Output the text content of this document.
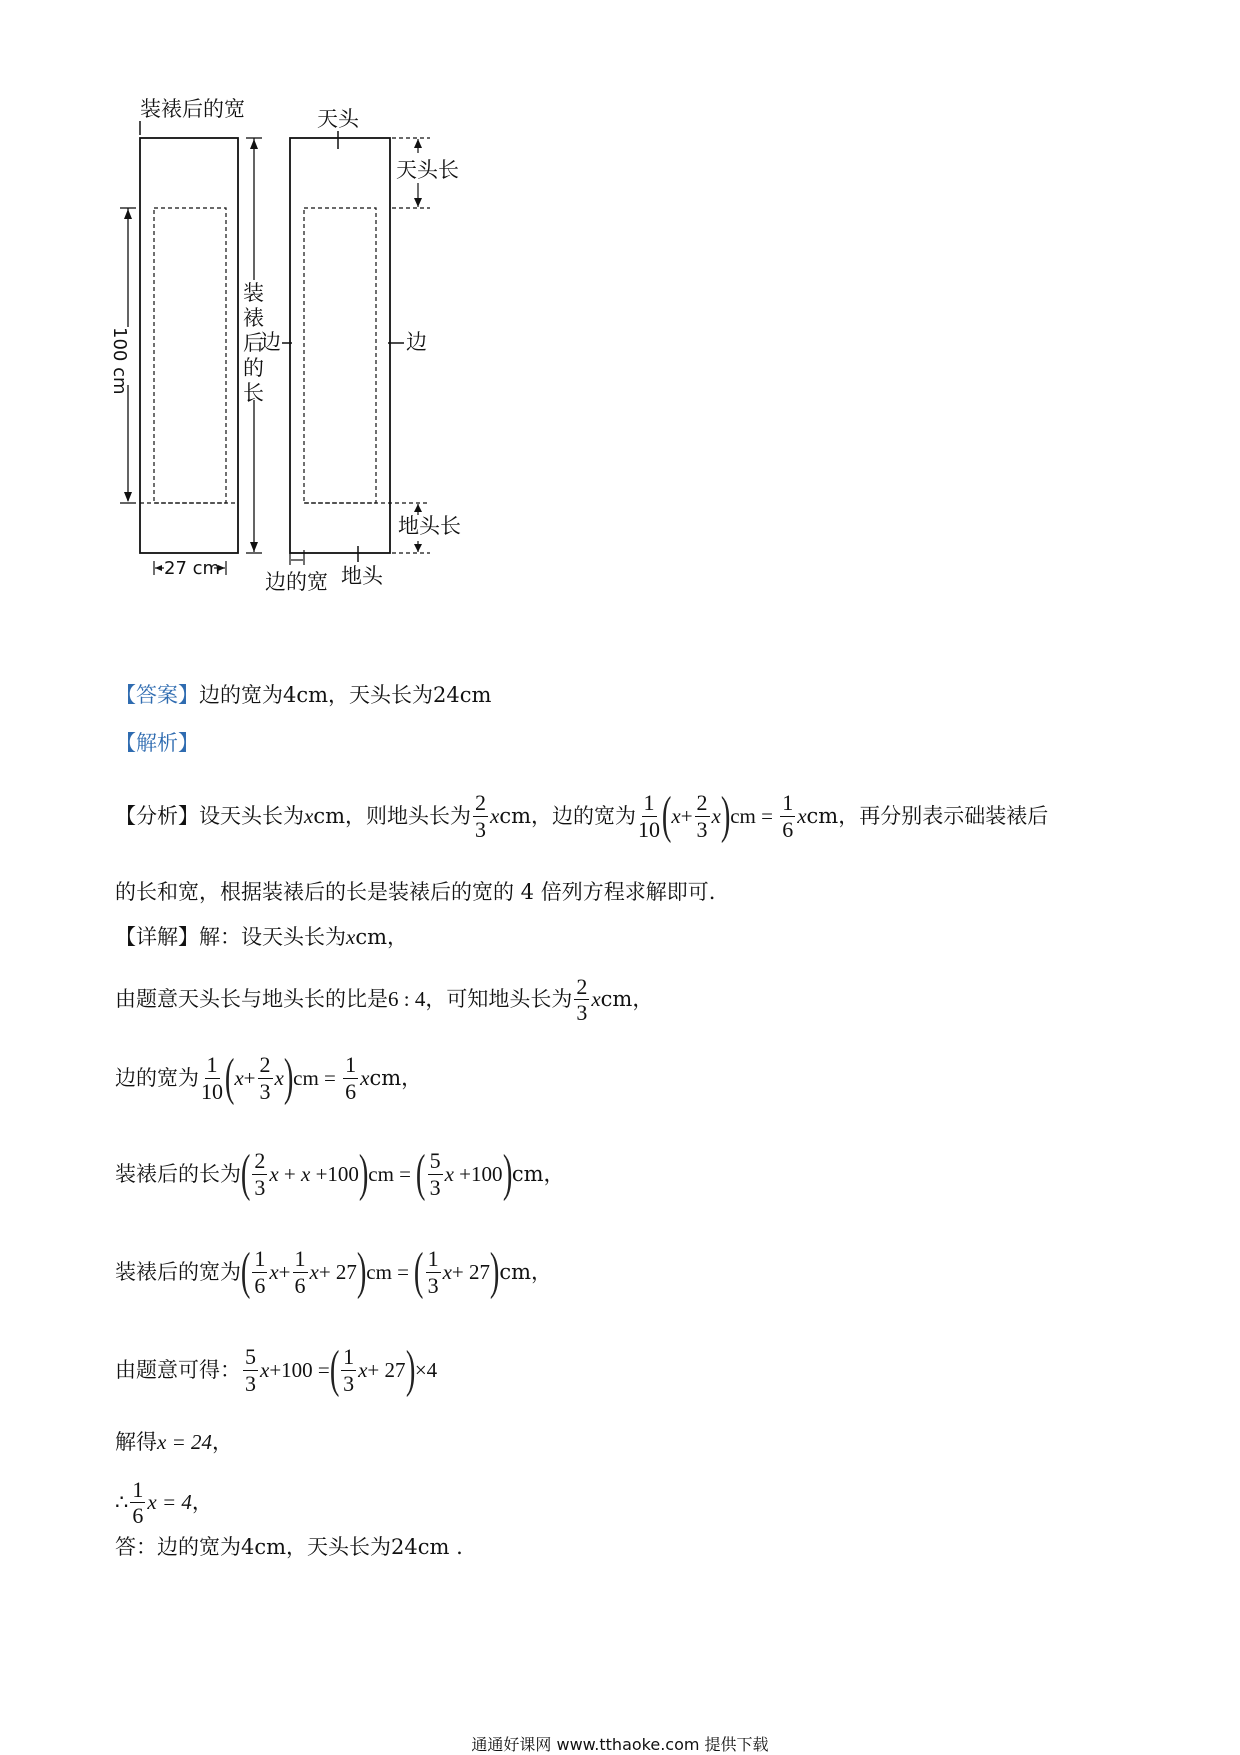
装裱后的宽
100 cm
装
裱
后
的
长
27 cm
天头
天头长
边	边
地头长
边的宽 地头
【答案】 边的宽为4cm，天头长为24cm
【解析】
【分析】 设天头长为 x cm，则地头长为 $\frac{2}{3}$ x cm，边的宽为 $\frac{1}{10}$ ( $x + \frac{2}{3}$ x ) cm = $\frac{1}{6}$ x cm，再分别表示础装裱后
的长和宽，根据装裱后的长是装裱后的宽的 4 倍列方程求解即可.
【详解】 解：设天头长为 x cm，
由题意天头长与地头长的比是 6 : 4 ，可知地头长为 $\frac{2}{3}$ x cm，
边的宽为 $\frac{1}{10}$ ( $x + \frac{2}{3}$ x ) cm = $\frac{1}{6}$ x cm，
装裱后的长为 ( $\frac{2}{3}$ x + x +100 ) cm = ( $\frac{5}{3}$ x +100 ) cm，
装裱后的宽为 ( $\frac{1}{6}$ $x + \frac{1}{6}$ x + 27 ) cm = ( $\frac{1}{3}$ x + 27 ) cm，
由题意可得： $\frac{5}{3}$ x +100 = ( $\frac{1}{3}$ x + 27 ) ×4
解得 x = 24 ，
∴ $\frac{1}{6}$ x = 4 ，
答：边的宽为4cm，天头长为24cm .
通通好课网 www.tthaoke.com 提供下载
